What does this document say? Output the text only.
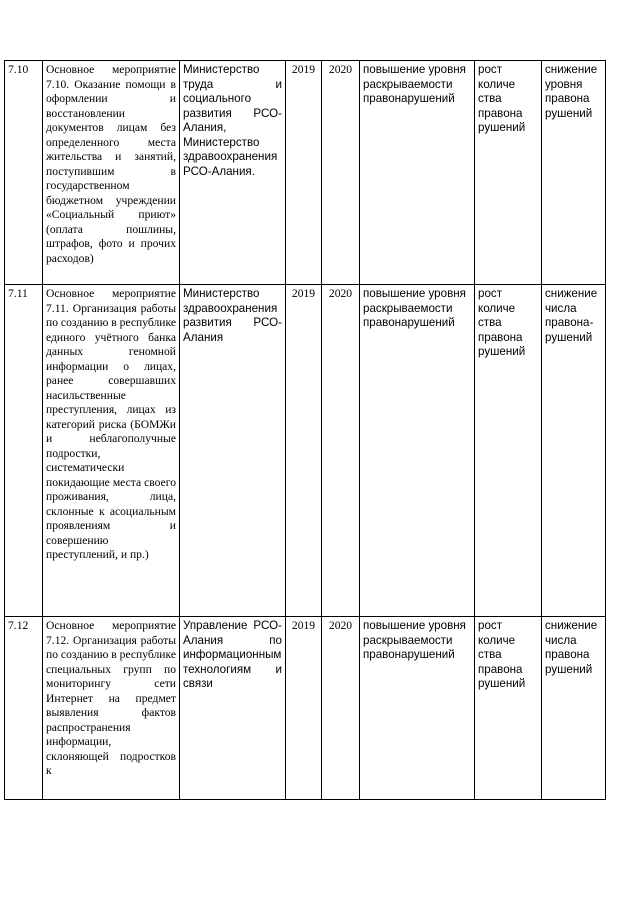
7.10	Основное мероприятие 7.10. Оказание помощи в оформлении и восстановлении документов лицам без определенного места жительства и занятий, поступившим в государственном бюджетном учреждении «Социальный приют» (оплата пошлины, штрафов, фото и прочих расходов)	Министерство труда и социального развития РСО-Алания, Министерство здравоохранения РСО-Алания.	2019	2020	повышение уровня раскрываемости правонарушений	рост количе ства правона рушений	снижение уровня правона рушений
7.11	Основное мероприятие 7.11. Организация работы по созданию в республике единого учётного банка данных геномной информации о лицах, ранее совершавших насильственные преступления, лицах из категорий риска (БОМЖи и неблагополучные подростки, систематически покидающие места своего проживания, лица, склонные к асоциальным проявлениям и совершению преступлений, и пр.)	Министерство здравоохранения развития РСО-Алания	2019	2020	повышение уровня раскрываемости правонарушений	рост количе ства правона рушений	снижение числа правона-рушений
7.12	Основное мероприятие 7.12. Организация работы по созданию в республике специальных групп по мониторингу сети Интернет на предмет выявления фактов распространения информации, склоняющей подростков к	Управление РСО-Алания по информационным технологиям и связи	2019	2020	повышение уровня раскрываемости правонарушений	рост количе ства правона рушений	снижение числа правона рушений
